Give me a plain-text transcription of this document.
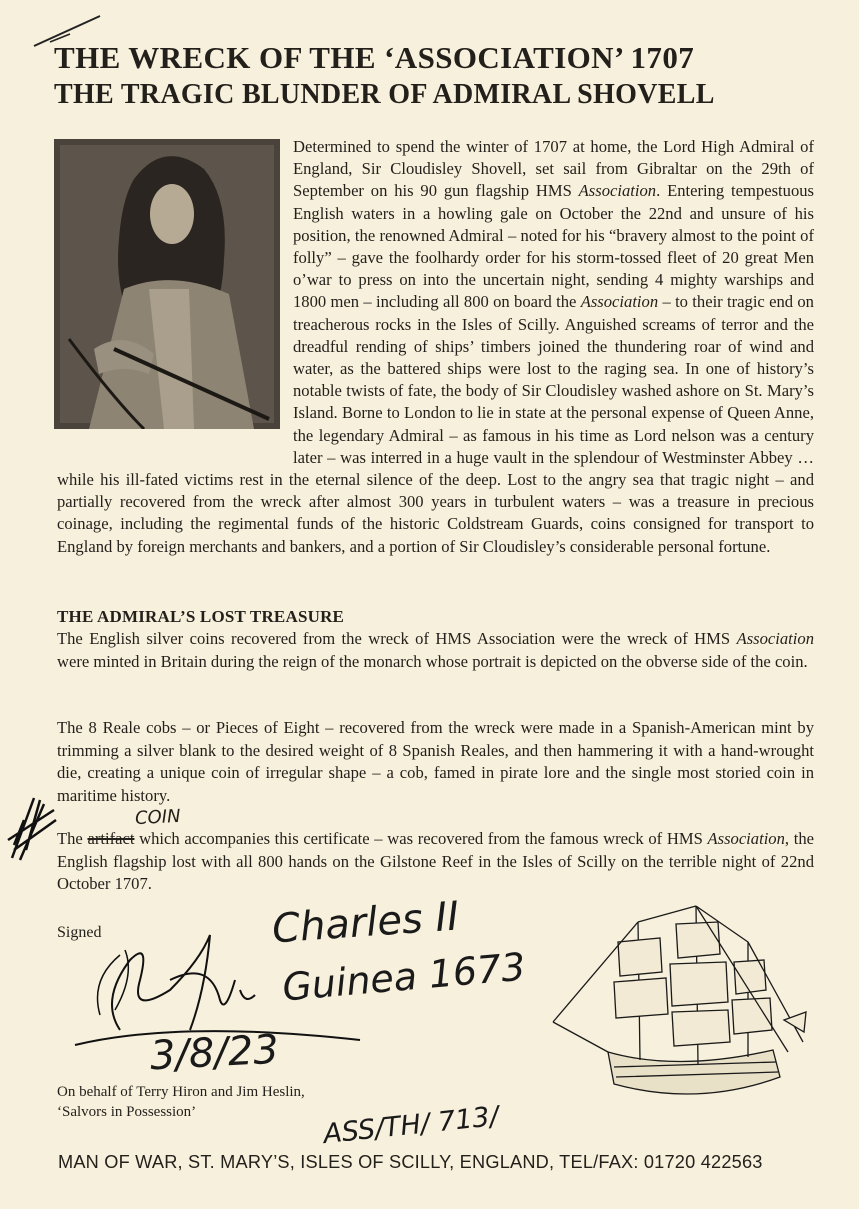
THE WRECK OF THE ‘ASSOCIATION’ 1707
THE TRAGIC BLUNDER OF ADMIRAL SHOVELL

Determined to spend the winter of 1707 at home, the Lord High Admiral of England, Sir Cloudisley Shovell, set sail from Gibraltar on the 29th of September on his 90 gun flagship HMS Association. Entering tempestuous English waters in a howling gale on October the 22nd and unsure of his position, the renowned Admiral – noted for his “bravery almost to the point of folly” – gave the foolhardy order for his storm-tossed fleet of 20 great Men o’war to press on into the uncertain night, sending 4 mighty warships and 1800 men – including all 800 on board the Association – to their tragic end on treacherous rocks in the Isles of Scilly. Anguished screams of terror and the dreadful rending of ships’ timbers joined the thundering roar of wind and water, as the battered ships were lost to the raging sea. In one of history’s notable twists of fate, the body of Sir Cloudisley washed ashore on St. Mary’s Island. Borne to London to lie in state at the personal expense of Queen Anne, the legendary Admiral – as famous in his time as Lord nelson was a century later – was interred in a huge vault in the splendour of Westminster Abbey … while his ill-fated victims rest in the eternal silence of the deep. Lost to the angry sea that tragic night – and partially recovered from the wreck after almost 300 years in turbulent waters – was a treasure in precious coinage, including the regimental funds of the historic Coldstream Guards, coins consigned for transport to England by foreign merchants and bankers, and a portion of Sir Cloudisley’s considerable personal fortune.

THE ADMIRAL’S LOST TREASURE

The English silver coins recovered from the wreck of HMS Association were the wreck of HMS Association were minted in Britain during the reign of the monarch whose portrait is depicted on the obverse side of the coin.

The 8 Reale cobs – or Pieces of Eight – recovered from the wreck were made in a Spanish-American mint by trimming a silver blank to the desired weight of 8 Spanish Reales, and then hammering it with a hand-wrought die, creating a unique coin of irregular shape – a cob, famed in pirate lore and the single most storied coin in maritime history.

COIN

The artifact which accompanies this certificate – was recovered from the famous wreck of HMS Association, the English flagship lost with all 800 hands on the Gilstone Reef in the Isles of Scilly on the terrible night of 22nd October 1707.

Signed	Charles II
Guinea 1673
3/8/23
On behalf of Terry Hiron and Jim Heslin,
‘Salvors in Possession’	ASS/TH/ 713/
MAN OF WAR, ST. MARY’S, ISLES OF SCILLY, ENGLAND, TEL/FAX: 01720 422563
